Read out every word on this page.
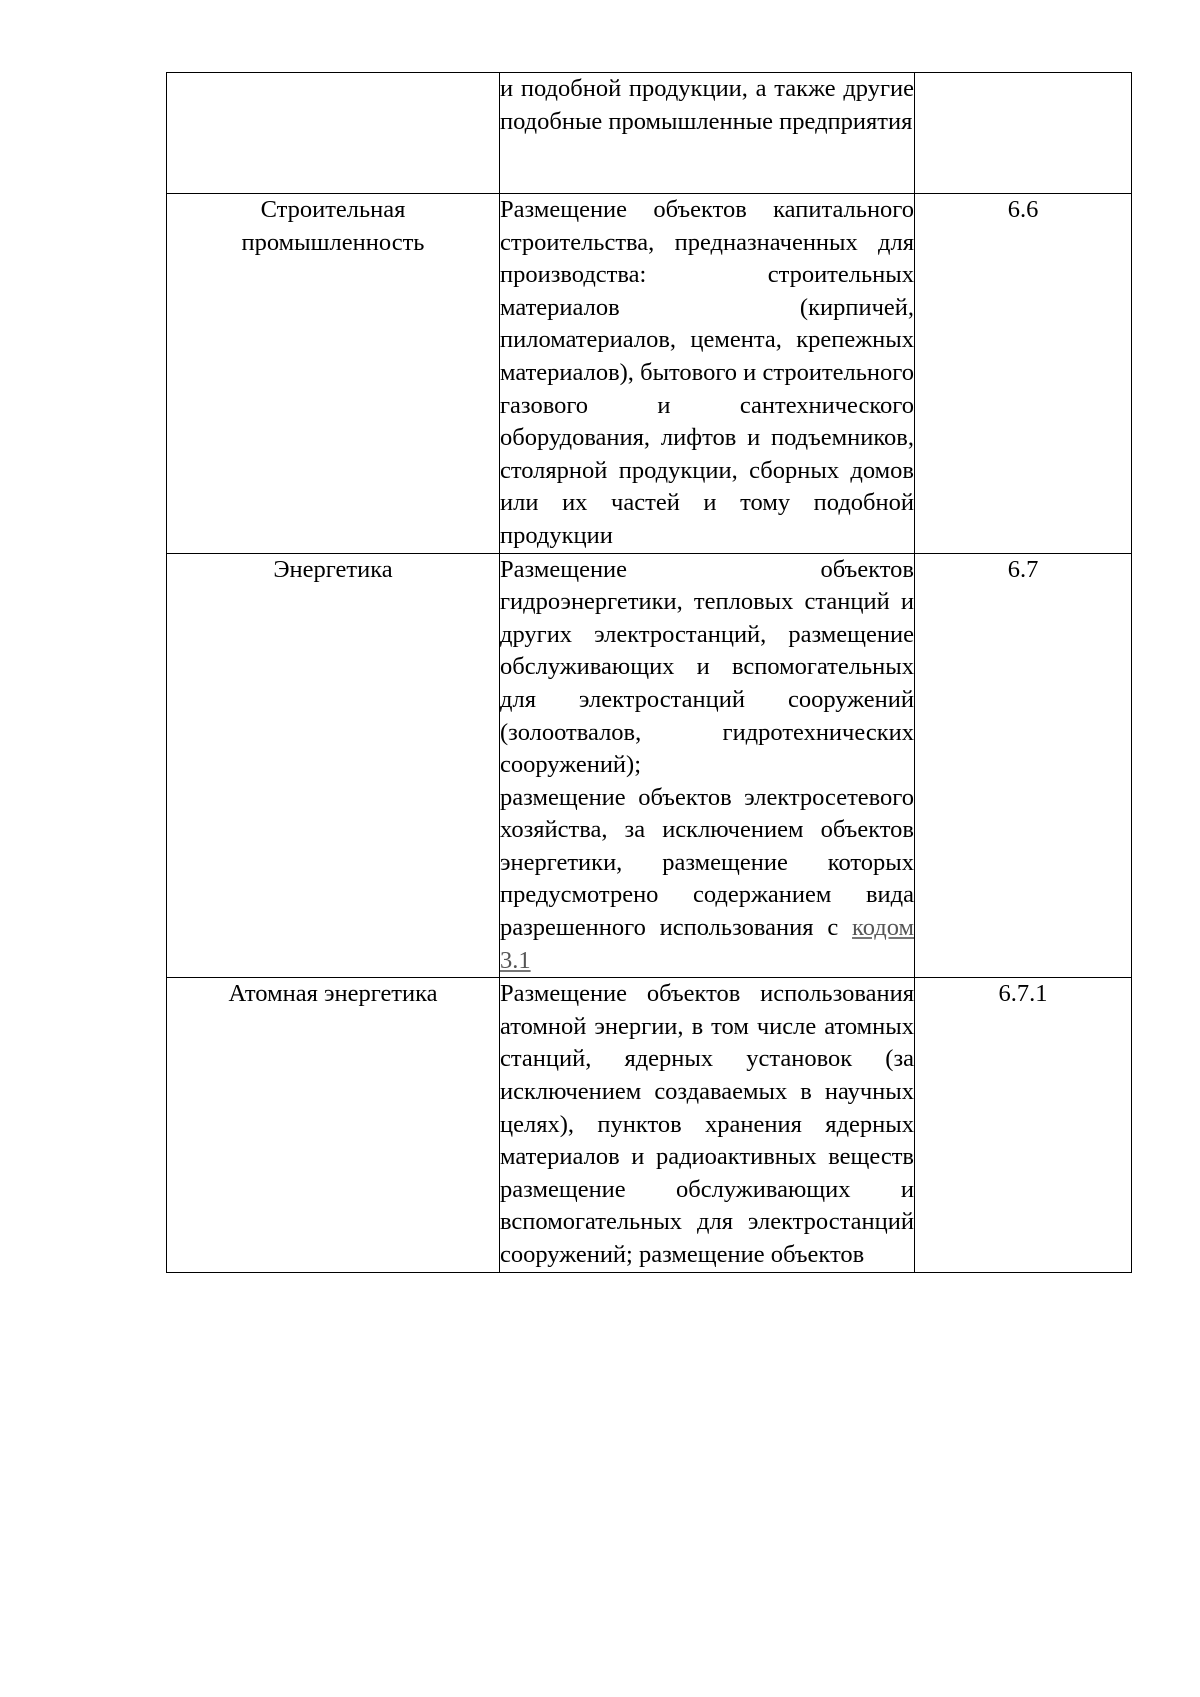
	и подобной продукции, а также другие подобные промышленные предприятия	

Строительная промышленность	Размещение объектов капитального строительства, предназначенных для производства: строительных материалов (кирпичей, пиломатериалов, цемента, крепежных материалов), бытового и строительного газового и сантехнического оборудования, лифтов и подъемников, столярной продукции, сборных домов или их частей и тому подобной продукции	6.6
Энергетика	Размещение объектов гидроэнергетики, тепловых станций и других электростанций, размещение обслуживающих и вспомогательных для электростанций сооружений (золоотвалов, гидротехнических сооружений);

размещение объектов электросетевого хозяйства, за исключением объектов энергетики, размещение которых предусмотрено содержанием вида разрешенного использования с кодом 3.1	6.7
Атомная энергетика	Размещение объектов использования атомной энергии, в том числе атомных станций, ядерных установок (за исключением создаваемых в научных целях), пунктов хранения ядерных материалов и радиоактивных веществ размещение обслуживающих и вспомогательных для электростанций сооружений; размещение объектов	6.7.1
